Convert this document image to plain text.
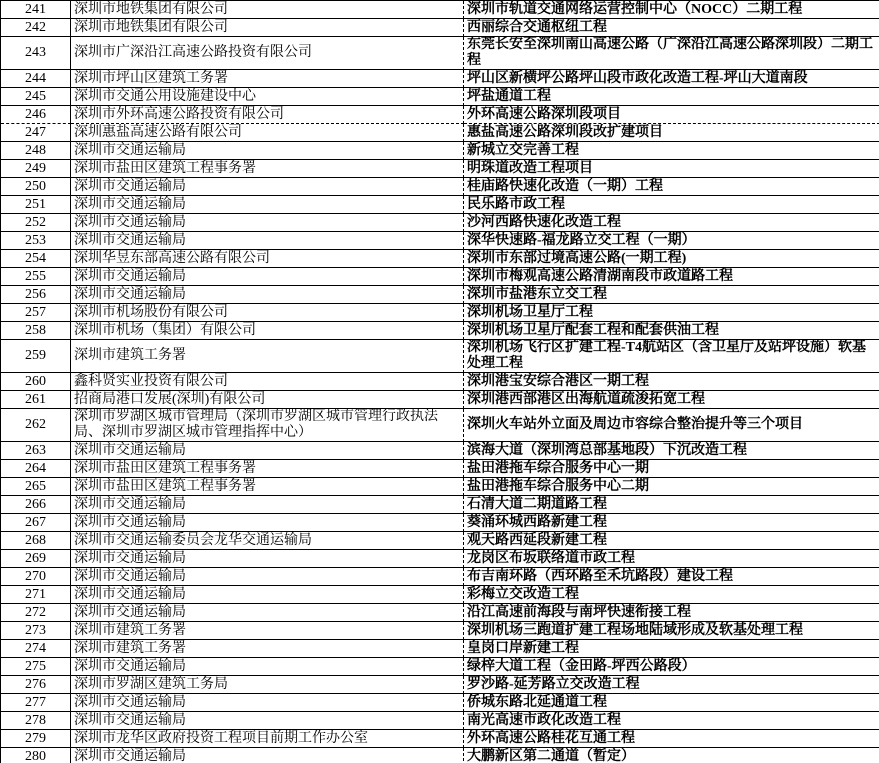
241	深圳市地铁集团有限公司	深圳市轨道交通网络运营控制中心（NOCC）二期工程
242	深圳市地铁集团有限公司	西丽综合交通枢纽工程
243	深圳市广深沿江高速公路投资有限公司	东莞长安至深圳南山高速公路（广深沿江高速公路深圳段）二期工程
244	深圳市坪山区建筑工务署	坪山区新横坪公路坪山段市政化改造工程-坪山大道南段
245	深圳市交通公用设施建设中心	坪盐通道工程
246	深圳市外环高速公路投资有限公司	外环高速公路深圳段项目
247	深圳惠盐高速公路有限公司	惠盐高速公路深圳段改扩建项目
248	深圳市交通运输局	新城立交完善工程
249	深圳市盐田区建筑工程事务署	明珠道改造工程项目
250	深圳市交通运输局	桂庙路快速化改造（一期）工程
251	深圳市交通运输局	民乐路市政工程
252	深圳市交通运输局	沙河西路快速化改造工程
253	深圳市交通运输局	深华快速路-福龙路立交工程（一期）
254	深圳华昱东部高速公路有限公司	深圳市东部过境高速公路(一期工程)
255	深圳市交通运输局	深圳市梅观高速公路清湖南段市政道路工程
256	深圳市交通运输局	深圳市盐港东立交工程
257	深圳市机场股份有限公司	深圳机场卫星厅工程
258	深圳市机场（集团）有限公司	深圳机场卫星厅配套工程和配套供油工程
259	深圳市建筑工务署	深圳机场飞行区扩建工程-T4航站区（含卫星厅及站坪设施）软基处理工程
260	鑫科贤实业投资有限公司	深圳港宝安综合港区一期工程
261	招商局港口发展(深圳)有限公司	深圳港西部港区出海航道疏浚拓宽工程
262	深圳市罗湖区城市管理局（深圳市罗湖区城市管理行政执法局、深圳市罗湖区城市管理指挥中心）	深圳火车站外立面及周边市容综合整治提升等三个项目
263	深圳市交通运输局	滨海大道（深圳湾总部基地段）下沉改造工程
264	深圳市盐田区建筑工程事务署	盐田港拖车综合服务中心一期
265	深圳市盐田区建筑工程事务署	盐田港拖车综合服务中心二期
266	深圳市交通运输局	石清大道二期道路工程
267	深圳市交通运输局	葵涌环城西路新建工程
268	深圳市交通运输委员会龙华交通运输局	观天路西延段新建工程
269	深圳市交通运输局	龙岗区布坂联络道市政工程
270	深圳市交通运输局	布吉南环路（西环路至禾坑路段）建设工程
271	深圳市交通运输局	彩梅立交改造工程
272	深圳市交通运输局	沿江高速前海段与南坪快速衔接工程
273	深圳市建筑工务署	深圳机场三跑道扩建工程场地陆域形成及软基处理工程
274	深圳市建筑工务署	皇岗口岸新建工程
275	深圳市交通运输局	绿梓大道工程（金田路-坪西公路段）
276	深圳市罗湖区建筑工务局	罗沙路-延芳路立交改造工程
277	深圳市交通运输局	侨城东路北延通道工程
278	深圳市交通运输局	南光高速市政化改造工程
279	深圳市龙华区政府投资工程项目前期工作办公室	外环高速公路桂花互通工程
280	深圳市交通运输局	大鹏新区第二通道（暂定）
